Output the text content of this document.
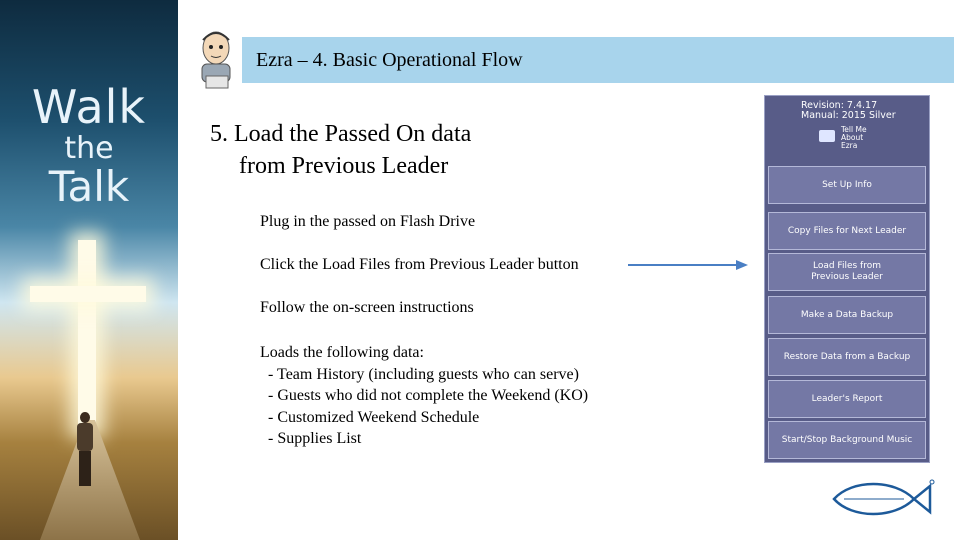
Walk
the
Talk
Ezra – 4. Basic Operational Flow
5. Load the Passed On data
from Previous Leader
Plug in the passed on Flash Drive
Click the Load Files from Previous Leader button
Follow the on-screen instructions
Loads the following data:
- Team History (including guests who can serve)
- Guests who did not complete the Weekend (KO)
- Customized Weekend Schedule
- Supplies List
Revision: 7.4.17
Manual: 2015 Silver
Tell Me
About
Ezra
Set Up Info
Copy Files for Next Leader
Load Files from Previous Leader
Make a Data Backup
Restore Data from a Backup
Leader's Report
Start/Stop Background Music
